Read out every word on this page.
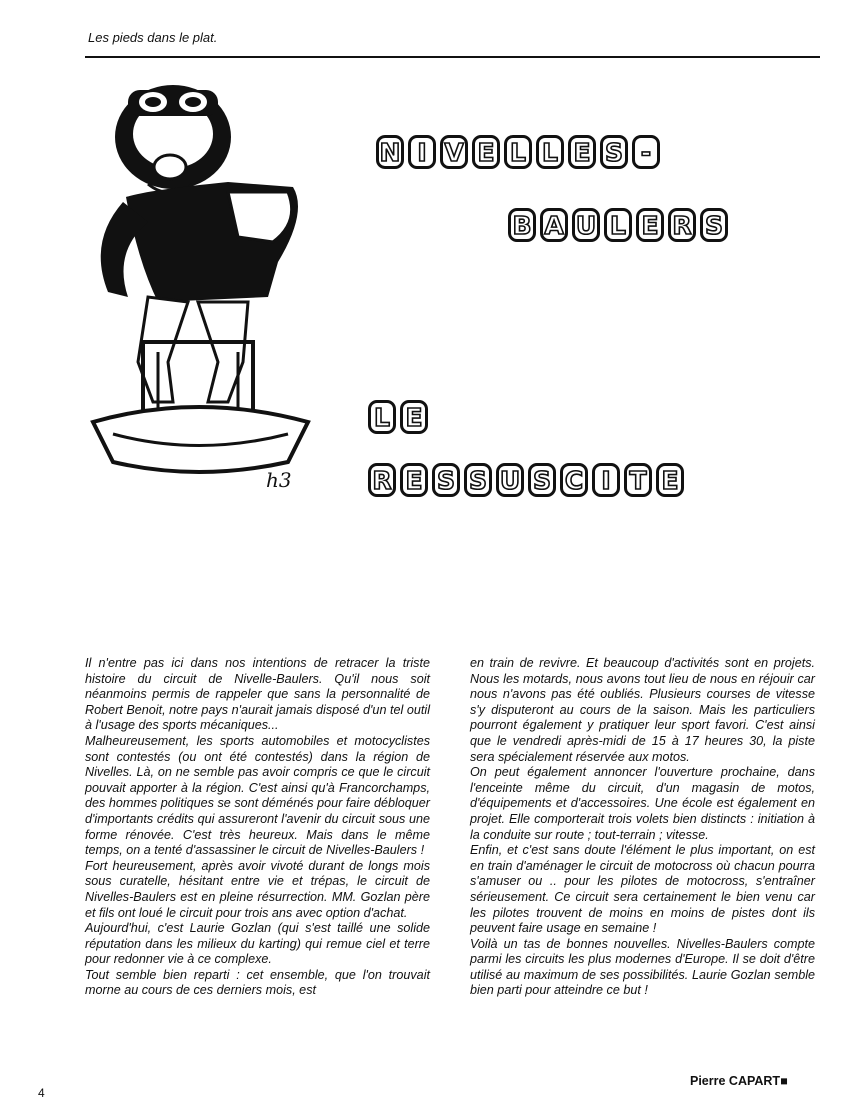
Les pieds dans le plat.
h3
N I V E L L E S -
B A U L E R S
L E
R E S S U S C I T E

Il n'entre pas ici dans nos intentions de retracer la triste histoire du circuit de Nivelle-Baulers. Qu'il nous soit néanmoins permis de rappeler que sans la personnalité de Robert Benoit, notre pays n'aurait jamais disposé d'un tel outil à l'usage des sports mécaniques...

Malheureusement, les sports automobiles et motocyclistes sont contestés (ou ont été contestés) dans la région de Nivelles. Là, on ne semble pas avoir compris ce que le circuit pouvait apporter à la région. C'est ainsi qu'à Francorchamps, des hommes politiques se sont déménés pour faire débloquer d'importants crédits qui assureront l'avenir du circuit sous une forme rénovée. C'est très heureux. Mais dans le même temps, on a tenté d'assassiner le circuit de Nivelles-Baulers !

Fort heureusement, après avoir vivoté durant de longs mois sous curatelle, hésitant entre vie et trépas, le circuit de Nivelles-Baulers est en pleine résurrection. MM. Gozlan père et fils ont loué le circuit pour trois ans avec option d'achat.

Aujourd'hui, c'est Laurie Gozlan (qui s'est taillé une solide réputation dans les milieux du karting) qui remue ciel et terre pour redonner vie à ce complexe.

Tout semble bien reparti : cet ensemble, que l'on trouvait morne au cours de ces derniers mois, est

en train de revivre. Et beaucoup d'activités sont en projets. Nous les motards, nous avons tout lieu de nous en réjouir car nous n'avons pas été oubliés. Plusieurs courses de vitesse s'y disputeront au cours de la saison. Mais les particuliers pourront également y pratiquer leur sport favori. C'est ainsi que le vendredi après-midi de 15 à 17 heures 30, la piste sera spécialement réservée aux motos.

On peut également annoncer l'ouverture prochaine, dans l'enceinte même du circuit, d'un magasin de motos, d'équipements et d'accessoires. Une école est également en projet. Elle comporterait trois volets bien distincts : initiation à la conduite sur route ; tout-terrain ; vitesse.

Enfin, et c'est sans doute l'élément le plus important, on est en train d'aménager le circuit de motocross où chacun pourra s'amuser ou .. pour les pilotes de motocross, s'entraîner sérieusement. Ce circuit sera certainement le bien venu car les pilotes trouvent de moins en moins de pistes dont ils peuvent faire usage en semaine !

Voilà un tas de bonnes nouvelles. Nivelles-Baulers compte parmi les circuits les plus modernes d'Europe. Il se doit d'être utilisé au maximum de ses possibilités. Laurie Gozlan semble bien parti pour atteindre ce but !

Pierre CAPART■
4
